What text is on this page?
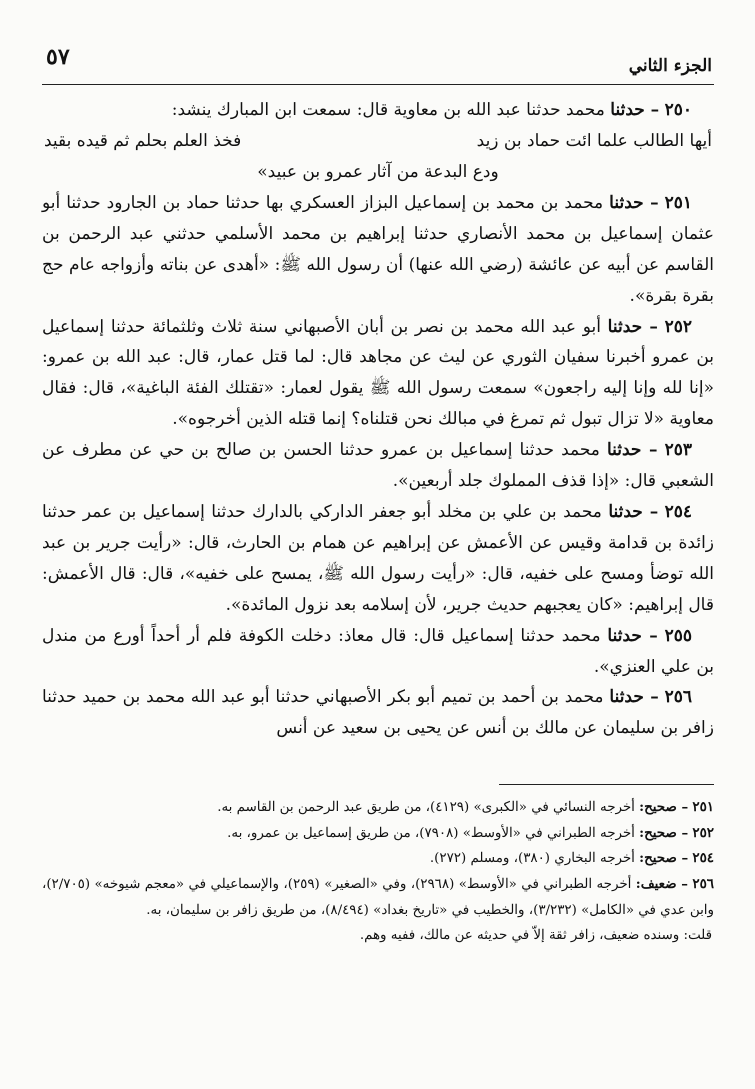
الجزء الثاني
٥٧

٢٥٠ – حدثنا محمد حدثنا عبد الله بن معاوية قال: سمعت ابن المبارك ينشد:

أيها الطالب علما ائت حماد بن زيد
فخذ العلم بحلم ثم قيده بقيد

ودع البدعة من آثار عمرو بن عبيد»

٢٥١ – حدثنا محمد بن محمد بن إسماعيل البزاز العسكري بها حدثنا حماد بن الجارود حدثنا أبو عثمان إسماعيل بن محمد الأنصاري حدثنا إبراهيم بن محمد الأسلمي حدثني عبد الرحمن بن القاسم عن أبيه عن عائشة (رضي الله عنها) أن رسول الله ﷺ: «أهدى عن بناته وأزواجه عام حج بقرة بقرة».

٢٥٢ – حدثنا أبو عبد الله محمد بن نصر بن أبان الأصبهاني سنة ثلاث وثلثمائة حدثنا إسماعيل بن عمرو أخبرنا سفيان الثوري عن ليث عن مجاهد قال: لما قتل عمار، قال: عبد الله بن عمرو: «إنا لله وإنا إليه راجعون» سمعت رسول الله ﷺ يقول لعمار: «تقتلك الفئة الباغية»، قال: فقال معاوية «لا تزال تبول ثم تمرغ في مبالك نحن قتلناه؟ إنما قتله الذين أخرجوه».

٢٥٣ – حدثنا محمد حدثنا إسماعيل بن عمرو حدثنا الحسن بن صالح بن حي عن مطرف عن الشعبي قال: «إذا قذف المملوك جلد أربعين».

٢٥٤ – حدثنا محمد بن علي بن مخلد أبو جعفر الداركي بالدارك حدثنا إسماعيل بن عمر حدثنا زائدة بن قدامة وقيس عن الأعمش عن إبراهيم عن همام بن الحارث، قال: «رأيت جرير بن عبد الله توضأ ومسح على خفيه، قال: «رأيت رسول الله ﷺ، يمسح على خفيه»، قال: قال الأعمش: قال إبراهيم: «كان يعجبهم حديث جرير، لأن إسلامه بعد نزول المائدة».

٢٥٥ – حدثنا محمد حدثنا إسماعيل قال: قال معاذ: دخلت الكوفة فلم أر أحداً أورع من مندل بن علي العنزي».

٢٥٦ – حدثنا محمد بن أحمد بن تميم أبو بكر الأصبهاني حدثنا أبو عبد الله محمد بن حميد حدثنا زافر بن سليمان عن مالك بن أنس عن يحيى بن سعيد عن أنس

٢٥١ – صحيح: أخرجه النسائي في «الكبرى» (٤١٢٩)، من طريق عبد الرحمن بن القاسم به.

٢٥٢ – صحيح: أخرجه الطبراني في «الأوسط» (٧٩٠٨)، من طريق إسماعيل بن عمرو، به.

٢٥٤ – صحيح: أخرجه البخاري (٣٨٠)، ومسلم (٢٧٢).

٢٥٦ – ضعيف: أخرجه الطبراني في «الأوسط» (٢٩٦٨)، وفي «الصغير» (٢٥٩)، والإسماعيلي في «معجم شيوخه» (٢/٧٠٥)، وابن عدي في «الكامل» (٣/٢٣٢)، والخطيب في «تاريخ بغداد» (٨/٤٩٤)، من طريق زافر بن سليمان، به.

قلت: وسنده ضعيف، زافر ثقة إلاّ في حديثه عن مالك، ففيه وهم.
